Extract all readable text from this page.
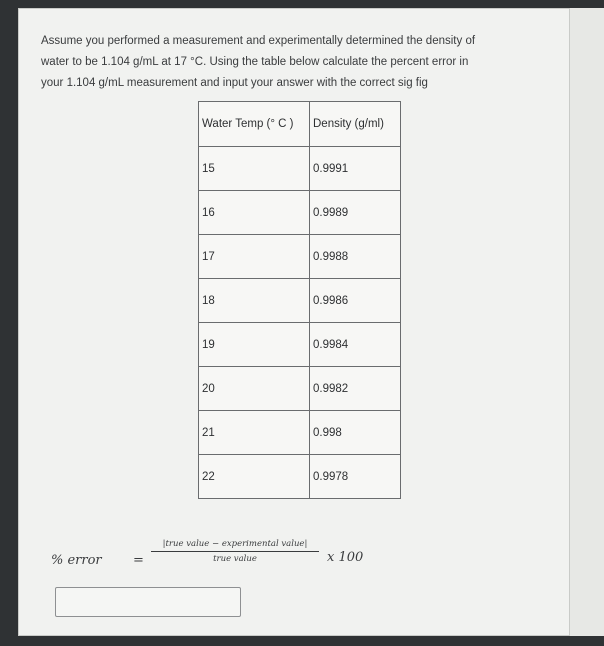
Assume you performed a measurement and experimentally determined the density of

water to be 1.104 g/mL at 17 °C. Using the table below calculate the percent error in

your 1.104 g/mL measurement and input your answer with the correct sig fig

Water Temp (° C )	Density (g/ml)
15	0.9991
16	0.9989
17	0.9988
18	0.9986
19	0.9984
20	0.9982
21	0.998
22	0.9978
% error =
|true value − experimental value|
true value	x 100
